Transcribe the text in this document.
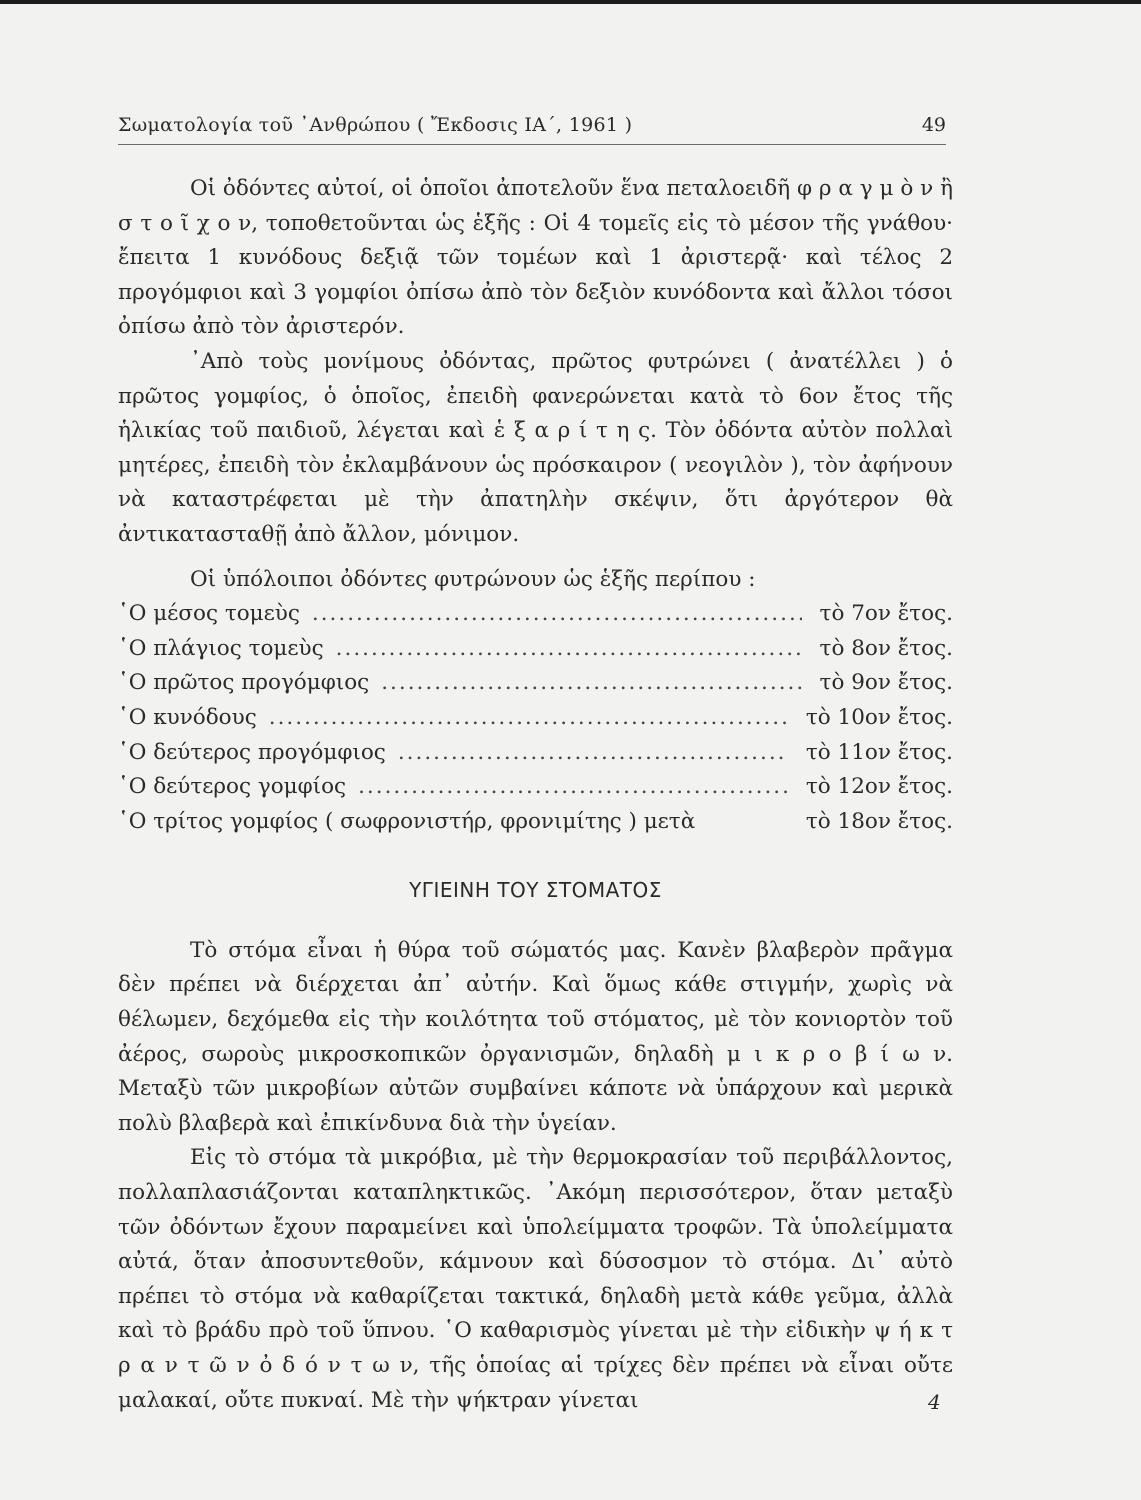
Σωματολογία τοῦ ᾿Ανθρώπου ( Ἔκδοσις ΙΑ΄, 1961 )	49

Οἱ ὀδόντες αὐτοί, οἱ ὁποῖοι ἀποτελοῦν ἕνα πεταλοειδῆ φ ρ α γ μ ὸ ν ἢ σ τ ο ῖ χ ο ν, τοποθετοῦνται ὡς ἑξῆς : Οἱ 4 τομεῖς εἰς τὸ μέσον τῆς γνάθου· ἔπειτα 1 κυνόδους δεξιᾷ τῶν τομέων καὶ 1 ἀριστερᾷ· καὶ τέλος 2 προγόμφιοι καὶ 3 γομφίοι ὀπίσω ἀπὸ τὸν δεξιὸν κυνόδοντα καὶ ἄλλοι τόσοι ὀπίσω ἀπὸ τὸν ἀριστερόν.

᾿Απὸ τοὺς μονίμους ὀδόντας, πρῶτος φυτρώνει ( ἀνατέλλει ) ὁ πρῶτος γομφίος, ὁ ὁποῖος, ἐπειδὴ φανερώνεται κατὰ τὸ 6ον ἔτος τῆς ἡλικίας τοῦ παιδιοῦ, λέγεται καὶ ἑ ξ α ρ ί τ η ς. Τὸν ὀδόντα αὐτὸν πολλαὶ μητέρες, ἐπειδὴ τὸν ἐκλαμβάνουν ὡς πρόσκαιρον ( νεογιλὸν ), τὸν ἀφήνουν νὰ καταστρέφεται μὲ τὴν ἀπατηλὴν σκέψιν, ὅτι ἀργότερον θὰ ἀντικατασταθῇ ἀπὸ ἄλλον, μόνιμον.

Οἱ ὑπόλοιποι ὀδόντες φυτρώνουν ὡς ἑξῆς περίπου :

῾Ο μέσος τομεὺς .....	τὸ 7ον ἔτος.
῾Ο πλάγιος τομεὺς .....	τὸ 8ον ἔτος.
῾Ο πρῶτος προγόμφιος .....	τὸ 9ον ἔτος.
῾Ο κυνόδους .....	τὸ 10ον ἔτος.
῾Ο δεύτερος προγόμφιος .....	τὸ 11ον ἔτος.
῾Ο δεύτερος γομφίος .....	τὸ 12ον ἔτος.
῾Ο τρίτος γομφίος ( σωφρονιστήρ, φρονιμίτης ) μετὰ	τὸ 18ον ἔτος.
ΥΓΙΕΙΝΗ ΤΟΥ ΣΤΟΜΑΤΟΣ

Τὸ στόμα εἶναι ἡ θύρα τοῦ σώματός μας. Κανὲν βλαβερὸν πρᾶγμα δὲν πρέπει νὰ διέρχεται ἀπ᾿ αὐτήν. Καὶ ὅμως κάθε στιγμήν, χωρὶς νὰ θέλωμεν, δεχόμεθα εἰς τὴν κοιλότητα τοῦ στόματος, μὲ τὸν κονιορτὸν τοῦ ἀέρος, σωροὺς μικροσκοπικῶν ὀργανισμῶν, δηλαδὴ μ ι κ ρ ο β ί ω ν. Μεταξὺ τῶν μικροβίων αὐτῶν συμβαίνει κάποτε νὰ ὑπάρχουν καὶ μερικὰ πολὺ βλαβερὰ καὶ ἐπικίνδυνα διὰ τὴν ὑγείαν.

Εἰς τὸ στόμα τὰ μικρόβια, μὲ τὴν θερμοκρασίαν τοῦ περιβάλλοντος, πολλαπλασιάζονται καταπληκτικῶς. ᾿Ακόμη περισσότερον, ὅταν μεταξὺ τῶν ὀδόντων ἔχουν παραμείνει καὶ ὑπολείμματα τροφῶν. Τὰ ὑπολείμματα αὐτά, ὅταν ἀποσυντεθοῦν, κάμνουν καὶ δύσοσμον τὸ στόμα. Δι᾿ αὐτὸ πρέπει τὸ στόμα νὰ καθαρίζεται τακτικά, δηλαδὴ μετὰ κάθε γεῦμα, ἀλλὰ καὶ τὸ βράδυ πρὸ τοῦ ὕπνου. ῾Ο καθαρισμὸς γίνεται μὲ τὴν εἰδικὴν ψ ή κ τ ρ α ν τ ῶ ν ὀ δ ό ν τ ω ν, τῆς ὁποίας αἱ τρίχες δὲν πρέπει νὰ εἶναι οὔτε μαλακαί, οὔτε πυκναί. Μὲ τὴν ψήκτραν γίνεται	4
